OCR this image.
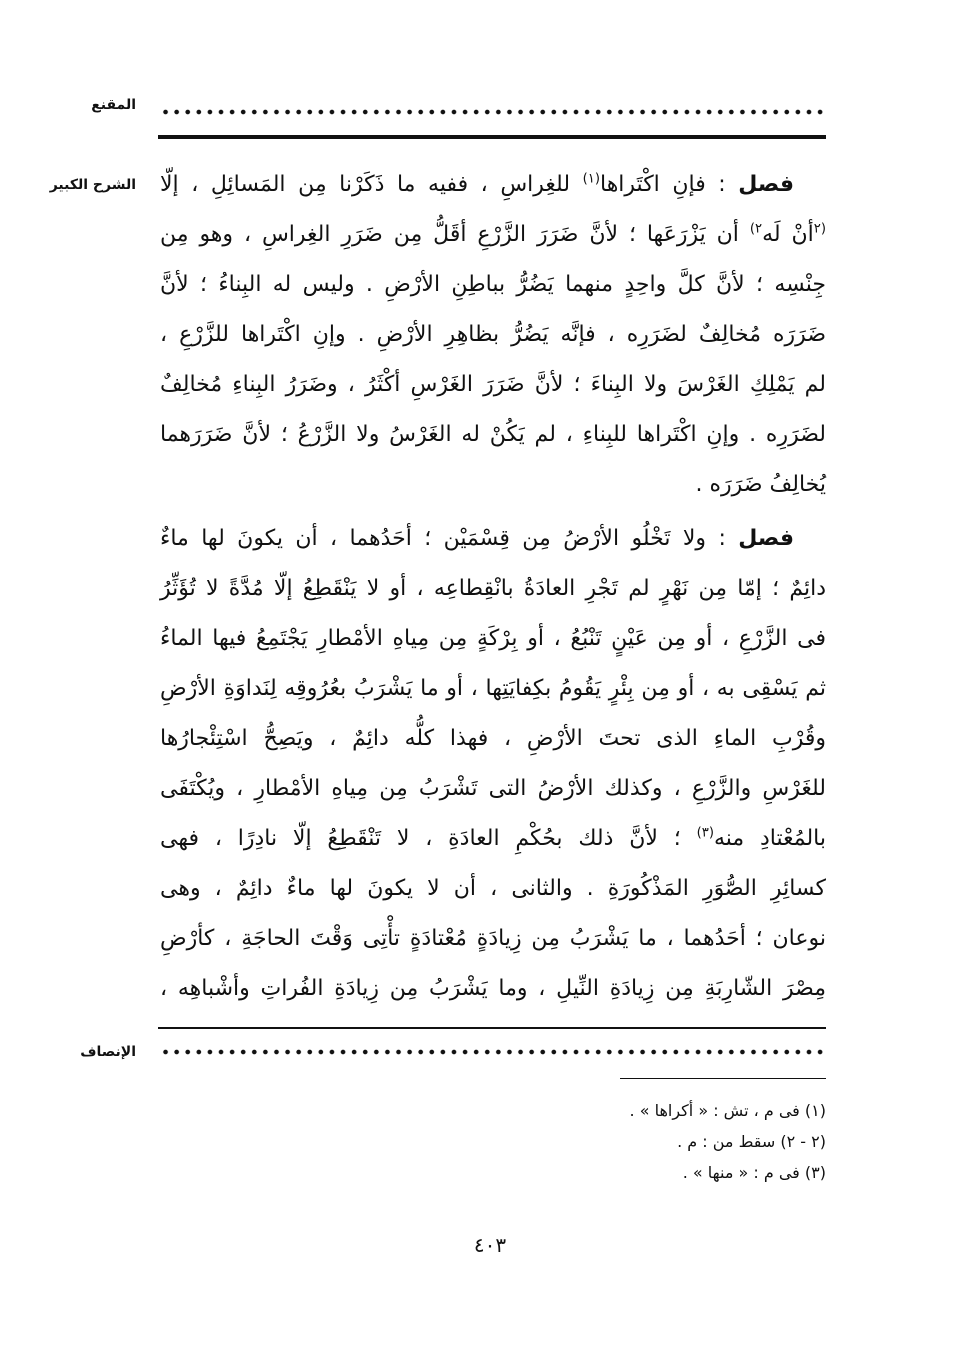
المقنع
الشرح الكبير	فصل : فإنِ اكْتَراها$^{(١)}$ للغِراسِ ، ففيه ما ذَكَرْنا مِن المَسائِلِ ، إلّا
$^{(٢}$أنْ لَه$^{٢)}$ أن يَزْرَعَها ؛ لأنَّ ضَرَرَ الزَّرْعِ أقَلُّ مِن ضَرَرِ الغِراسِ ، وهو مِن
جِنْسِه ؛ لأنَّ كلَّ واحِدٍ منهما يَضُرُّ بباطِنِ الأرْضِ . وليس له البِناءُ ؛ لأنَّ
ضَرَرَه مُخالِفٌ لضَرَرِه ، فإنَّه يَضُرُّ بظاهِرِ الأرْضِ . وإنِ اكْتَراها للزَّرْعِ ،
لم يَمْلِكِ الغَرْسَ ولا البِناءَ ؛ لأنَّ ضَرَرَ الغَرْسِ أكْثَرُ ، وضَرَرُ البِناءِ مُخالِفٌ
لضَرَرِه . وإنِ اكْتَراها للبِناءِ ، لم يَكُنْ له الغَرْسُ ولا الزَّرْعُ ؛ لأنَّ ضَرَرَهما
يُخالِفُ ضَرَرَه .
فصل : ولا تَخْلُو الأرْضُ مِن قِسْمَيْن ؛ أحَدُهما ، أن يكونَ لها ماءٌ
دائِمٌ ؛ إمّا مِن نَهْرٍ لم تَجْرِ العادَةُ بانْقِطاعِه ، أو لا يَنْقَطِعُ إلّا مُدَّةً لا تُؤَثِّرُ
فى الزَّرْعِ ، أو مِن عَيْنٍ تَنْبُعُ ، أو بِرْكَةٍ مِن مِياهِ الأمْطارِ يَجْتَمِعُ فيها الماءُ
ثم يَسْقِى به ، أو مِن بِئْرٍ يَقُومُ بكِفايَتِها ، أو ما يَشْرَبُ بعُرُوقِه لِنَداوَةِ الأرْضِ
وقُرْبِ الماءِ الذى تحتَ الأرْضِ ، فهذا كلُّه دائِمٌ ، ويَصِحُّ اسْتِئْجارُها
للغَرْسِ والزَّرْعِ ، وكذلك الأرْضُ التى تَشْرَبُ مِن مِياهِ الأمْطارِ ، ويُكْتَفَى
بالمُعْتادِ منه$^{(٣)}$ ؛ لأنَّ ذلك بحُكْمِ العادَةِ ، لا تَنْقَطِعُ إلّا نادِرًا ، فهى
كسائِرِ الصُّوَرِ المَذْكُورَةِ . والثانى ، أن لا يكونَ لها ماءٌ دائِمٌ ، وهى
نوعان ؛ أحَدُهما ، ما يَشْرَبُ مِن زِيادَةٍ مُعْتادَةٍ تأْتِى وَقْتَ الحاجَةِ ، كأرْضِ
مِصْرَ الشّارِبَةِ مِن زِيادَةِ النِّيلِ ، وما يَشْرَبُ مِن زِيادَةِ الفُراتِ وأشْباهِه ،
الإنصاف
(١) فى م ، تش : « أكراها » .
(٢ - ٢) سقط من : م .
(٣) فى م : « منها » .
٤٠٣
